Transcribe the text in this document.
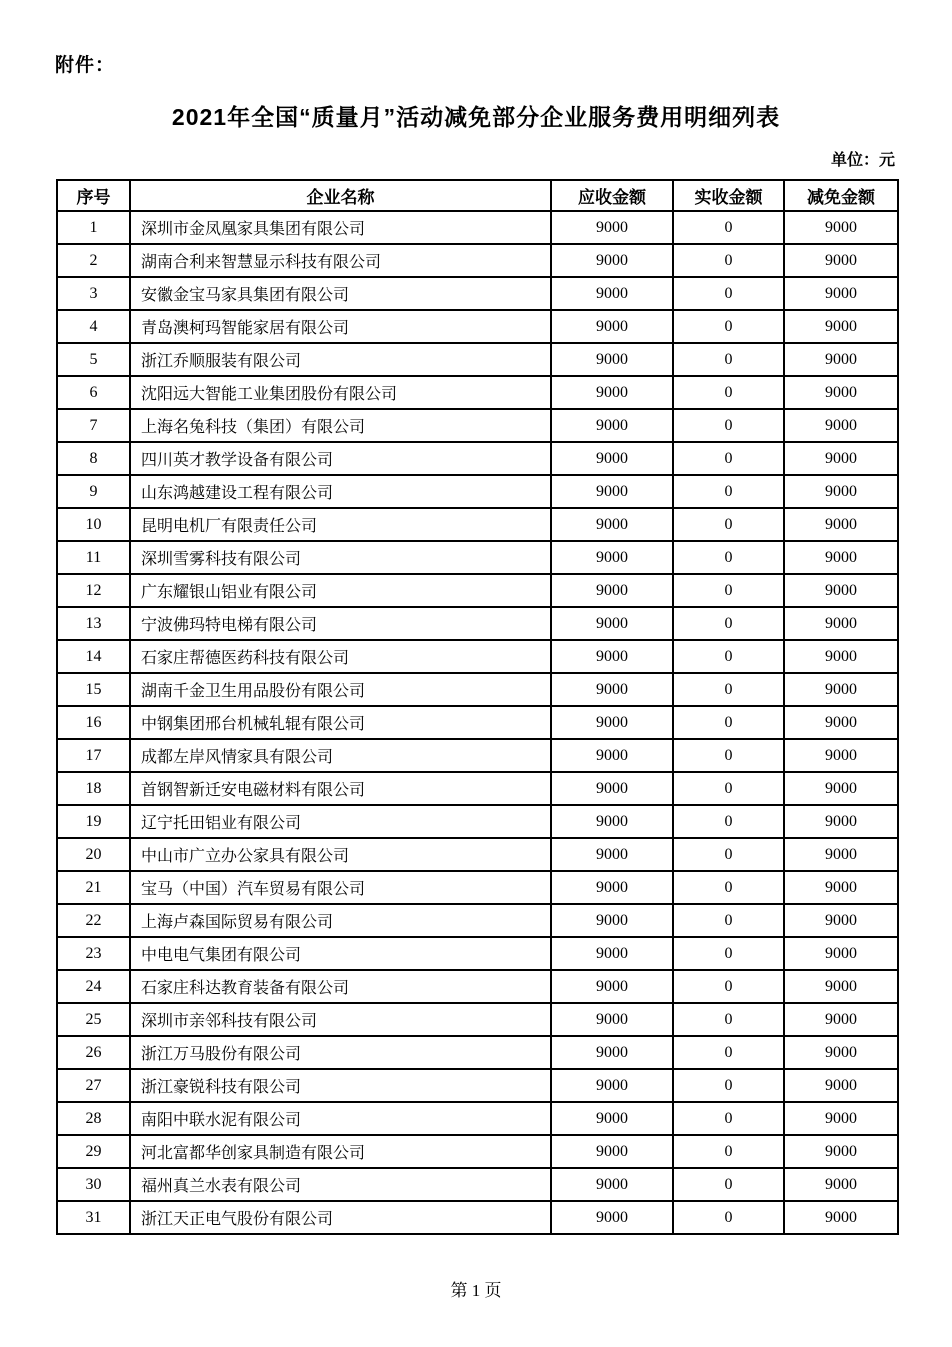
附件：
2021年全国“质量月”活动减免部分企业服务费用明细列表
单位：元
序号	企业名称	应收金额	实收金额	减免金额
1	深圳市金凤凰家具集团有限公司	9000	0	9000
2	湖南合利来智慧显示科技有限公司	9000	0	9000
3	安徽金宝马家具集团有限公司	9000	0	9000
4	青岛澳柯玛智能家居有限公司	9000	0	9000
5	浙江乔顺服装有限公司	9000	0	9000
6	沈阳远大智能工业集团股份有限公司	9000	0	9000
7	上海名兔科技（集团）有限公司	9000	0	9000
8	四川英才教学设备有限公司	9000	0	9000
9	山东鸿越建设工程有限公司	9000	0	9000
10	昆明电机厂有限责任公司	9000	0	9000
11	深圳雪雾科技有限公司	9000	0	9000
12	广东耀银山铝业有限公司	9000	0	9000
13	宁波佛玛特电梯有限公司	9000	0	9000
14	石家庄帮德医药科技有限公司	9000	0	9000
15	湖南千金卫生用品股份有限公司	9000	0	9000
16	中钢集团邢台机械轧辊有限公司	9000	0	9000
17	成都左岸风情家具有限公司	9000	0	9000
18	首钢智新迁安电磁材料有限公司	9000	0	9000
19	辽宁托田铝业有限公司	9000	0	9000
20	中山市广立办公家具有限公司	9000	0	9000
21	宝马（中国）汽车贸易有限公司	9000	0	9000
22	上海卢森国际贸易有限公司	9000	0	9000
23	中电电气集团有限公司	9000	0	9000
24	石家庄科达教育装备有限公司	9000	0	9000
25	深圳市亲邻科技有限公司	9000	0	9000
26	浙江万马股份有限公司	9000	0	9000
27	浙江豪锐科技有限公司	9000	0	9000
28	南阳中联水泥有限公司	9000	0	9000
29	河北富都华创家具制造有限公司	9000	0	9000
30	福州真兰水表有限公司	9000	0	9000
31	浙江天正电气股份有限公司	9000	0	9000
第 1 页
